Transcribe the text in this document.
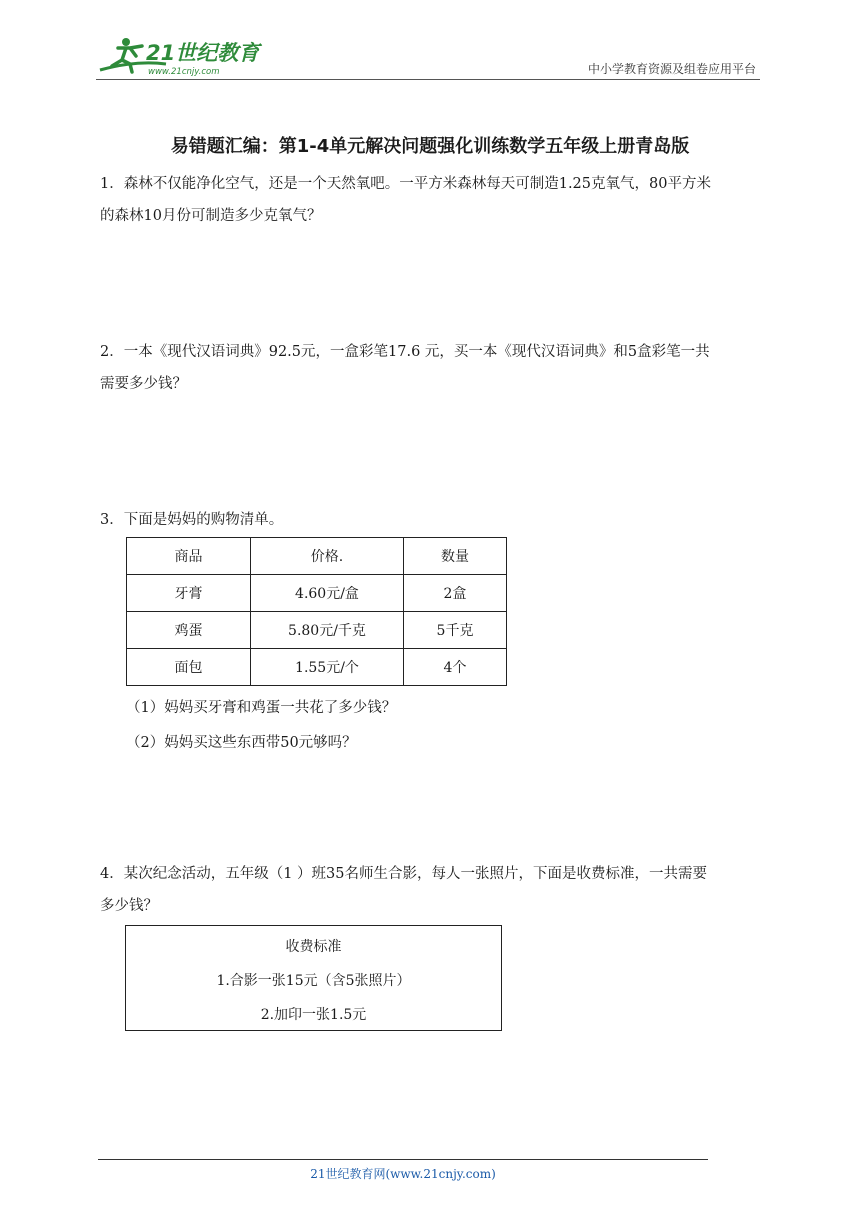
21世纪教育
www.21cnjy.com	中小学教育资源及组卷应用平台
易错题汇编：第1-4单元解决问题强化训练数学五年级上册青岛版
1．森林不仅能净化空气，还是一个天然氧吧。一平方米森林每天可制造1.25克氧气，80平方米
的森林10月份可制造多少克氧气？
2．一本《现代汉语词典》92.5元，一盒彩笔17.6 元，买一本《现代汉语词典》和5盒彩笔一共
需要多少钱？
3．下面是妈妈的购物清单。
商品	价格.	数量
牙膏	4.60元/盒	2盒
鸡蛋	5.80元/千克	5千克
面包	1.55元/个	4个
（1）妈妈买牙膏和鸡蛋一共花了多少钱？
（2）妈妈买这些东西带50元够吗？
4．某次纪念活动，五年级（1 ）班35名师生合影，每人一张照片，下面是收费标准，一共需要
多少钱？
收费标准
1.合影一张15元（含5张照片）
2.加印一张1.5元
21世纪教育网(www.21cnjy.com)
